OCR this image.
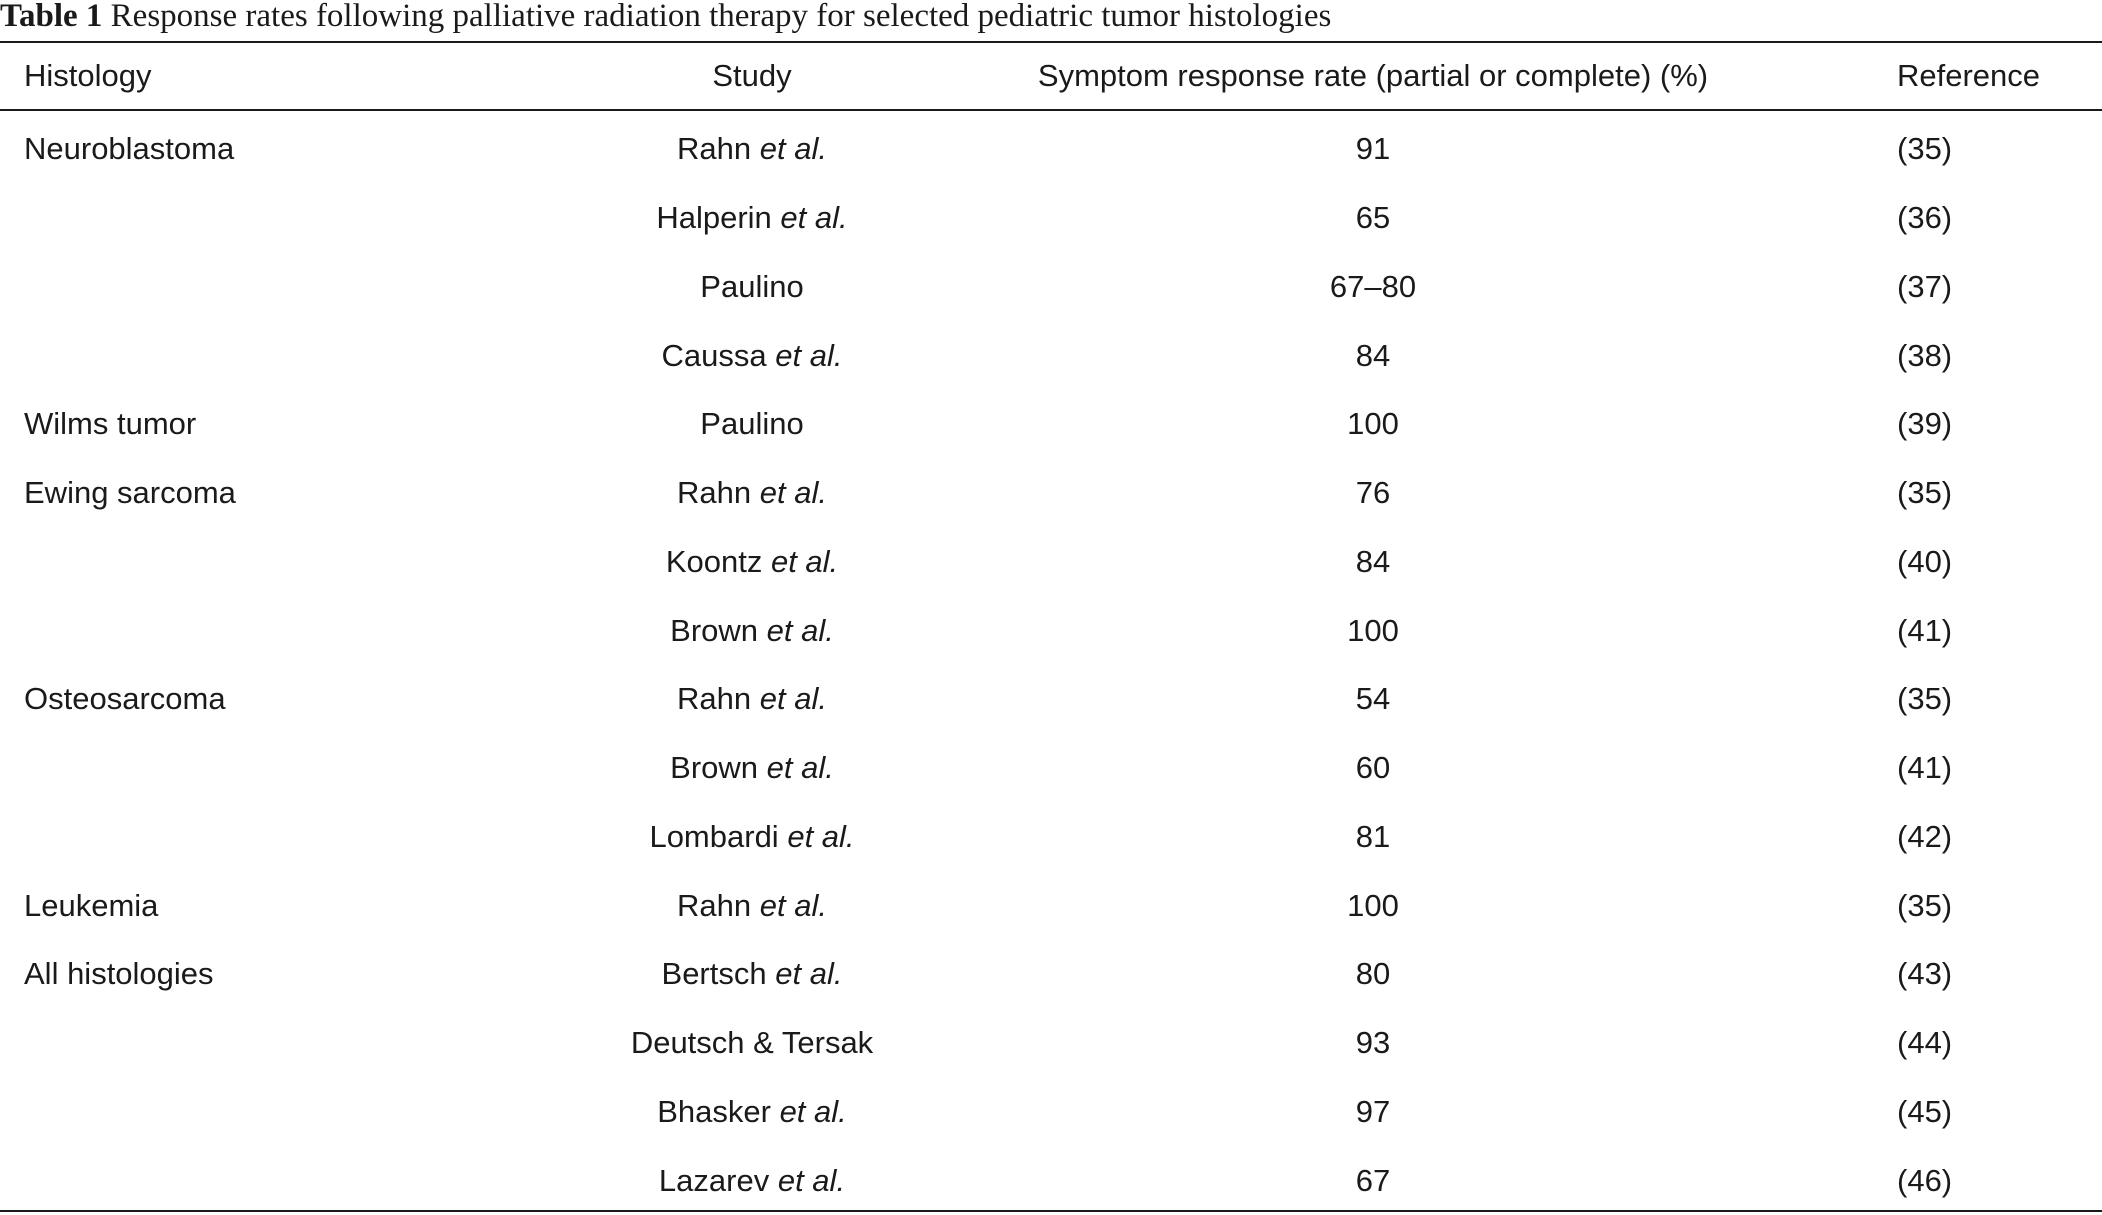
Table 1 Response rates following palliative radiation therapy for selected pediatric tumor histologies
Histology	Study	Symptom response rate (partial or complete) (%)	Reference
Neuroblastoma	Rahn et al.	91	(35)
	Halperin et al.	65	(36)
	Paulino	67–80	(37)
	Caussa et al.	84	(38)
Wilms tumor	Paulino	100	(39)
Ewing sarcoma	Rahn et al.	76	(35)
	Koontz et al.	84	(40)
	Brown et al.	100	(41)
Osteosarcoma	Rahn et al.	54	(35)
	Brown et al.	60	(41)
	Lombardi et al.	81	(42)
Leukemia	Rahn et al.	100	(35)
All histologies	Bertsch et al.	80	(43)
	Deutsch & Tersak	93	(44)
	Bhasker et al.	97	(45)
	Lazarev et al.	67	(46)
